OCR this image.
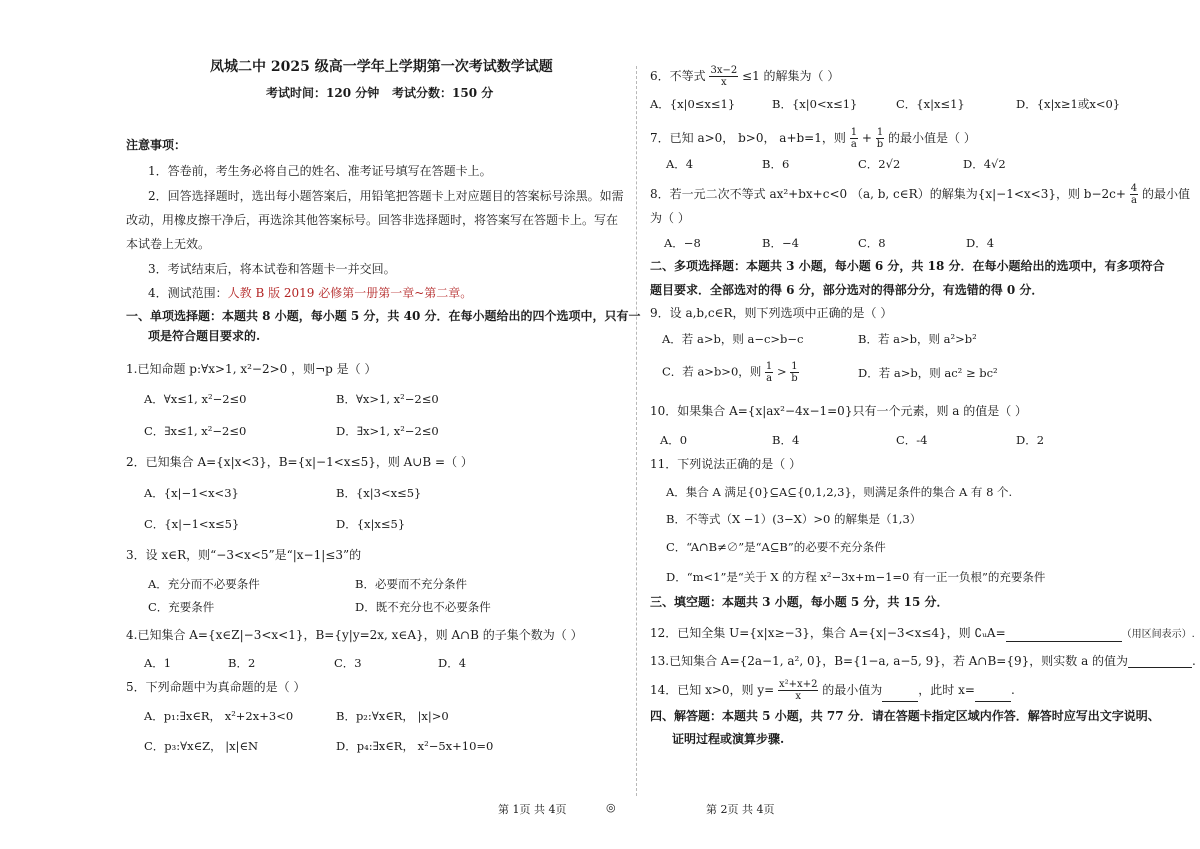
凤城二中 2025 级高一学年上学期第一次考试数学试题
考试时间：120 分钟 考试分数：150 分
注意事项：
1．答卷前，考生务必将自己的姓名、准考证号填写在答题卡上。
2．回答选择题时，选出每小题答案后，用铅笔把答题卡上对应题目的答案标号涂黑。如需
改动，用橡皮擦干净后，再选涂其他答案标号。回答非选择题时，将答案写在答题卡上。写在
本试卷上无效。
3．考试结束后，将本试卷和答题卡一并交回。
4．测试范围：人教 B 版 2019 必修第一册第一章~第二章。
一、单项选择题：本题共 8 小题，每小题 5 分，共 40 分．在每小题给出的四个选项中，只有一
项是符合题目要求的.
1.已知命题 p:∀x>1, x²−2>0 ，则¬p 是（ ）
A．∀x≤1, x²−2≤0	B．∀x>1, x²−2≤0
C．∃x≤1, x²−2≤0	D．∃x>1, x²−2≤0
2．已知集合 A={x|x<3}，B={x|−1<x≤5}，则 A∪B =（ ）
A．{x|−1<x<3}	B．{x|3<x≤5}
C．{x|−1<x≤5}	D．{x|x≤5}
3．设 x∈R，则“−3<x<5”是“|x−1|≤3”的
A．充分而不必要条件	B．必要而不充分条件
C．充要条件	D．既不充分也不必要条件
4.已知集合 A={x∈Z|−3<x<1}，B={y|y=2x, x∈A}，则 A∩B 的子集个数为（ ）
A．1	B．2	C．3	D．4
5．下列命题中为真命题的是（ ）
A．p₁:∃x∈R， x²+2x+3<0	B．p₂:∀x∈R， |x|>0
C．p₃:∀x∈Z， |x|∈N	D．p₄:∃x∈R， x²−5x+10=0
第 1页 共 4页	◎
6．不等式 $\frac{3x-2}{x} \le 1$ 的解集为（ ）
A．{x|0≤x≤1}	B．{x|0<x≤1}	C．{x|x≤1}	D．{x|x≥1或x<0}
7．已知 a>0， b>0， a+b=1，则 $\frac{1}{a} + \frac{1}{b}$ 的最小值是（ ）
A．4	B．6	C．2√2	D．4√2
8．若一元二次不等式 ax²+bx+c<0 （a, b, c∈R）的解集为{x|−1<x<3}，则 $b-2c+ \frac{4}{a}$ 的最小值
为（ ）
A．−8	B．−4	C．8	D．4
二、多项选择题：本题共 3 小题，每小题 6 分，共 18 分．在每小题给出的选项中，有多项符合
题目要求．全部选对的得 6 分，部分选对的得部分分，有选错的得 0 分．
9．设 a,b,c∈R，则下列选项中正确的是（ ）
A．若 a>b，则 a−c>b−c	B．若 a>b，则 a²>b²
C．若 a>b>0，则 $\frac{1}{a} > \frac{1}{b}$	D．若 a>b，则 ac² ≥ bc²
10．如果集合 A={x|ax²−4x−1=0}只有一个元素，则 a 的值是（ ）
A．0	B．4	C．-4	D．2
11．下列说法正确的是（ ）
A．集合 A 满足{0}⊆A⊆{0,1,2,3}，则满足条件的集合 A 有 8 个.
B．不等式（X −1）(3−X）>0 的解集是（1,3）
C．“A∩B≠∅”是“A⊆B”的必要不充分条件
D．“m<1”是“关于 X 的方程 x²−3x+m−1=0 有一正一负根”的充要条件
三、填空题：本题共 3 小题，每小题 5 分，共 15 分．
12．已知全集 U={x|x≥−3}，集合 A={x|−3<x≤4}，则 ∁ᵤA=	（用区间表示）.
13.已知集合 A={2a−1, a², 0}，B={1−a, a−5, 9}，若 A∩B={9}，则实数 a 的值为	.
14．已知 x>0，则 $y= \frac{\text{x²+x+2}}{x}$ 的最小值为	，此时 x=	.
四、解答题：本题共 5 小题，共 77 分．请在答题卡指定区域内作答．解答时应写出文字说明、
证明过程或演算步骤.
第 2页 共 4页
